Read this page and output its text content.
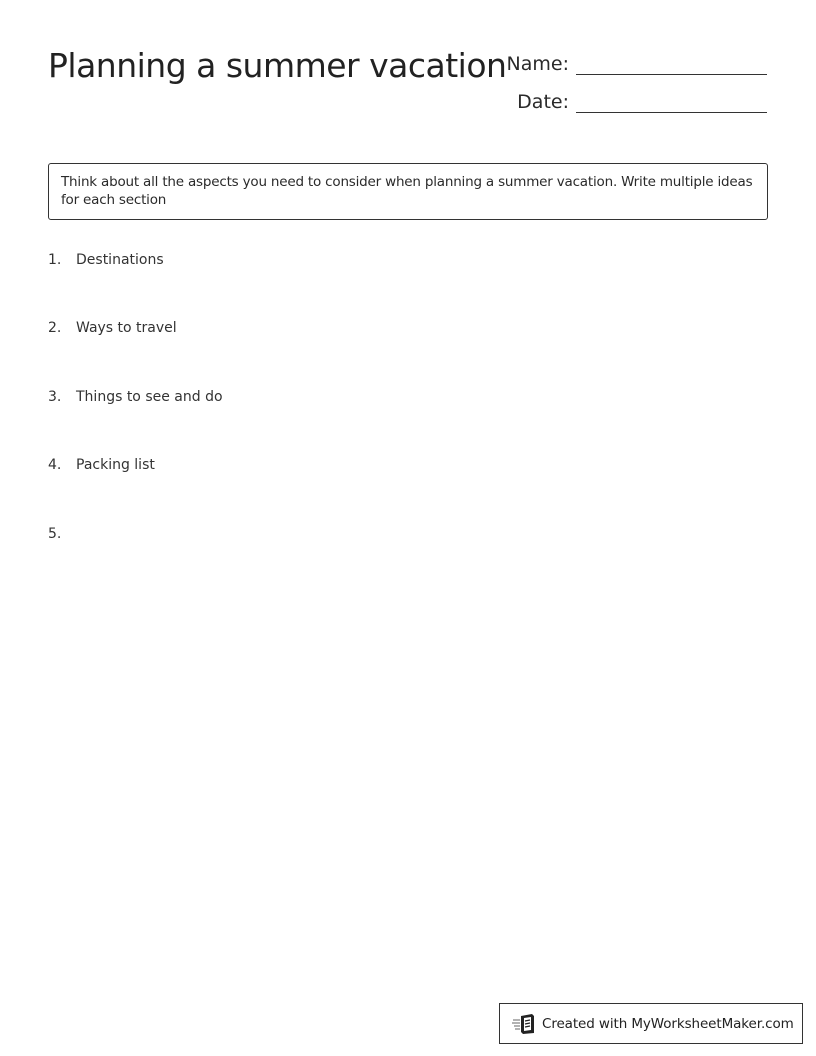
Planning a summer vacation Name:
Date:
Think about all the aspects you need to consider when planning a summer vacation. Write multiple ideas for each section
1.	Destinations
2.	Ways to travel
3.	Things to see and do
4.	Packing list
5.
Created with MyWorksheetMaker.com
